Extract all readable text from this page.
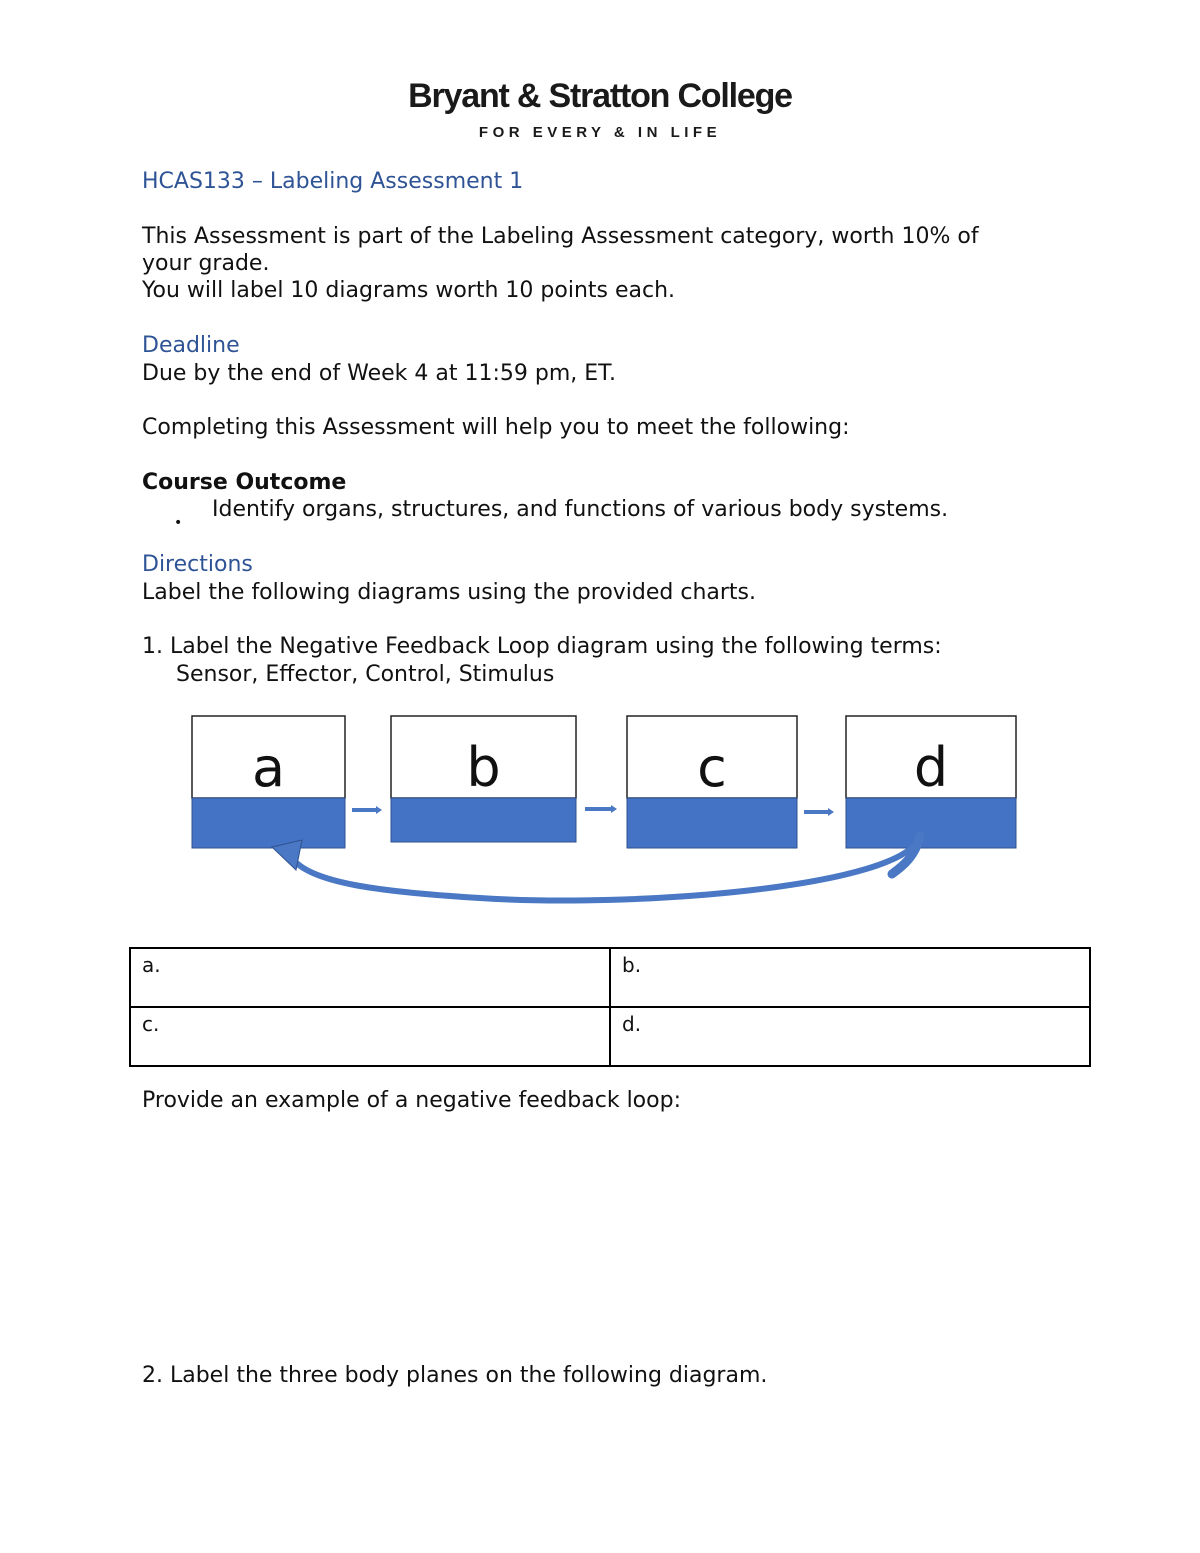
Bryant & Stratton College
FOR EVERY & IN LIFE
HCAS133 – Labeling Assessment 1
This Assessment is part of the Labeling Assessment category, worth 10% of
your grade.
You will label 10 diagrams worth 10 points each.
Deadline
Due by the end of Week 4 at 11:59 pm, ET.
Completing this Assessment will help you to meet the following:
Course Outcome
•
Identify organs, structures, and functions of various body systems.
Directions
Label the following diagrams using the provided charts.
1. Label the Negative Feedback Loop diagram using the following terms:
Sensor, Effector, Control, Stimulus
a	b	c	d
a.	b.
c.	d.
Provide an example of a negative feedback loop:
2. Label the three body planes on the following diagram.
